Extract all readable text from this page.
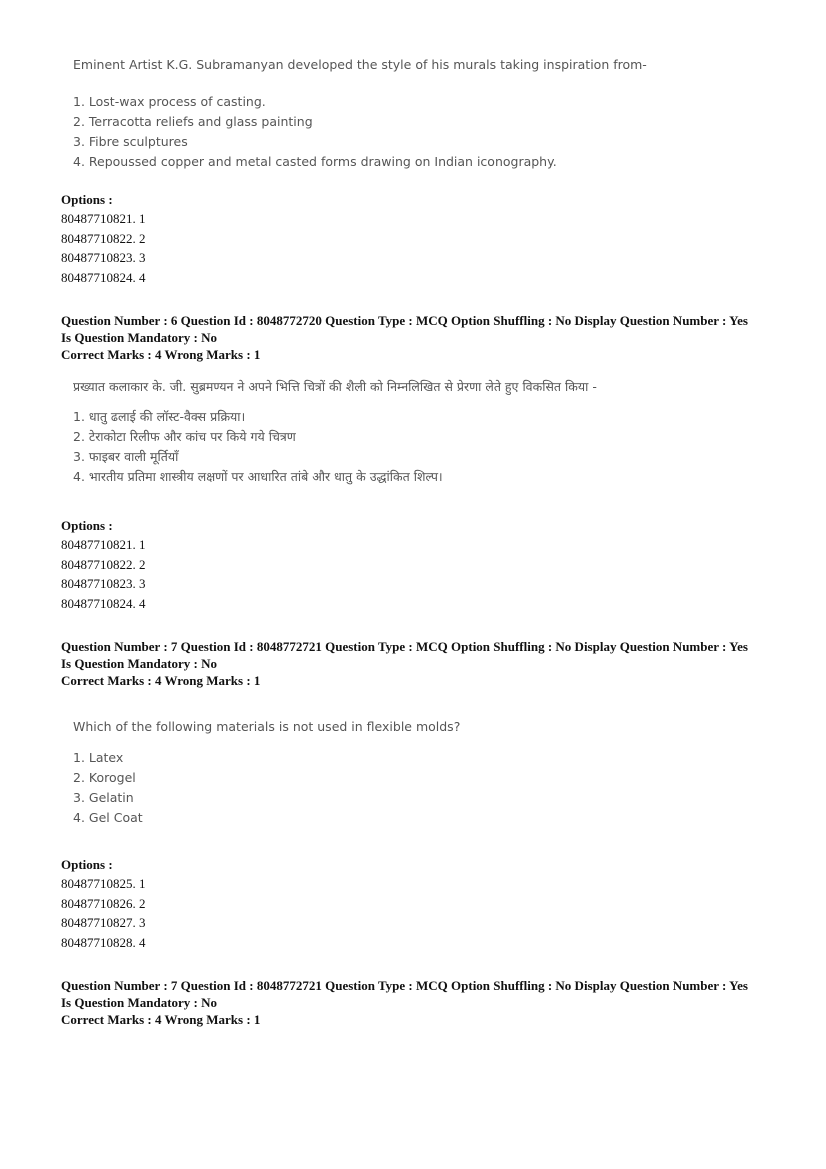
Eminent Artist K.G. Subramanyan developed the style of his murals taking inspiration from-
1. Lost-wax process of casting.
2. Terracotta reliefs and glass painting
3. Fibre sculptures
4. Repoussed copper and metal casted forms drawing on Indian iconography.
Options :
80487710821. 1
80487710822. 2
80487710823. 3
80487710824. 4
Question Number : 6 Question Id : 8048772720 Question Type : MCQ Option Shuffling : No Display Question Number : Yes
Is Question Mandatory : No
Correct Marks : 4 Wrong Marks : 1
प्रख्यात कलाकार के. जी. सुब्रमण्यन ने अपने भित्ति चित्रों की शैली को निम्नलिखित से प्रेरणा लेते हुए विकसित किया -
1. धातु ढलाई की लॉस्ट-वैक्स प्रक्रिया।
2. टेराकोटा रिलीफ और कांच पर किये गये चित्रण
3. फाइबर वाली मूर्तियाँ
4. भारतीय प्रतिमा शास्त्रीय लक्षणों पर आधारित तांबे और धातु के उद्धांकित शिल्प।
Options :
80487710821. 1
80487710822. 2
80487710823. 3
80487710824. 4
Question Number : 7 Question Id : 8048772721 Question Type : MCQ Option Shuffling : No Display Question Number : Yes
Is Question Mandatory : No
Correct Marks : 4 Wrong Marks : 1
Which of the following materials is not used in flexible molds?
1. Latex
2. Korogel
3. Gelatin
4. Gel Coat
Options :
80487710825. 1
80487710826. 2
80487710827. 3
80487710828. 4
Question Number : 7 Question Id : 8048772721 Question Type : MCQ Option Shuffling : No Display Question Number : Yes
Is Question Mandatory : No
Correct Marks : 4 Wrong Marks : 1
